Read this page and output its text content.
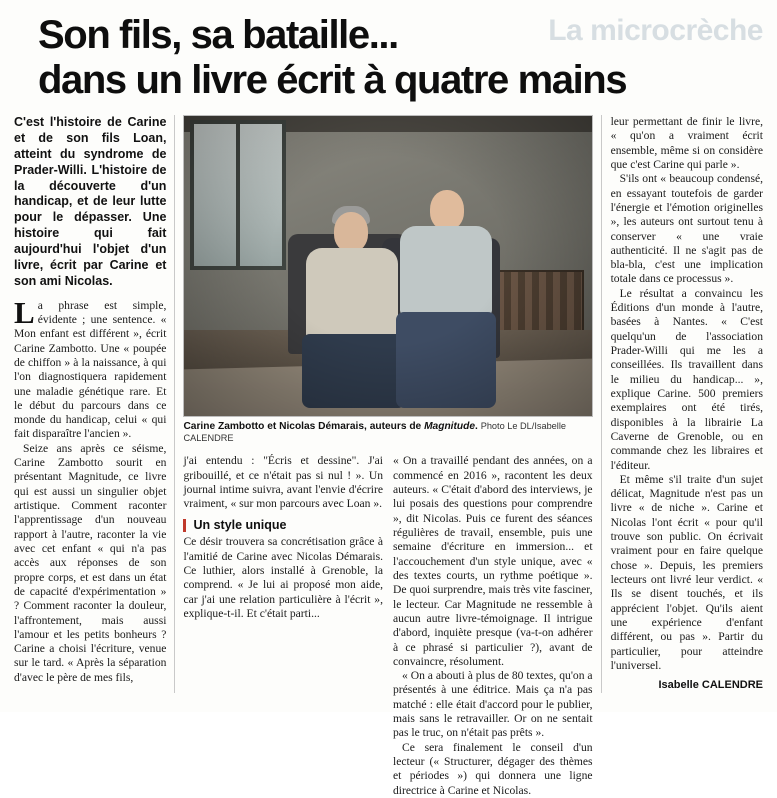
La microcrèche
Son fils, sa bataille...
dans un livre écrit à quatre mains
C'est l'histoire de Carine et de son fils Loan, atteint du syndrome de Prader-Willi. L'histoire de la découverte d'un handicap, et de leur lutte pour le dépasser. Une histoire qui fait aujourd'hui l'objet d'un livre, écrit par Carine et son ami Nicolas.

La phrase est simple, évidente ; une sentence. « Mon enfant est différent », écrit Carine Zambotto. Une « poupée de chiffon » à la naissance, à qui l'on diagnostiquera rapidement une maladie génétique rare. Et le début du parcours dans ce monde du handicap, celui « qui fait disparaître l'ancien ».

Seize ans après ce séisme, Carine Zambotto sourit en présentant Magnitude, ce livre qui est aussi un singulier objet artistique. Comment raconter l'apprentissage d'un nouveau rapport à l'autre, raconter la vie avec cet enfant « qui n'a pas accès aux réponses de son propre corps, et est dans un état de capacité d'expérimentation » ? Comment raconter la douleur, l'affrontement, mais aussi l'amour et les petits bonheurs ? Carine a choisi l'écriture, venue sur le tard. « Après la séparation d'avec le père de mes fils,

Carine Zambotto et Nicolas Démarais, auteurs de Magnitude. Photo Le DL/Isabelle CALENDRE

j'ai entendu : "Écris et dessine". J'ai gribouillé, et ce n'était pas si nul ! ». Un journal intime suivra, avant l'envie d'écrire vraiment, « sur mon parcours avec Loan ».

Un style unique

Ce désir trouvera sa concrétisation grâce à l'amitié de Carine avec Nicolas Démarais. Ce luthier, alors installé à Grenoble, la comprend. « Je lui ai proposé mon aide, car j'ai une relation particulière à l'écrit », explique-t-il. Et c'était parti...

« On a travaillé pendant des années, on a commencé en 2016 », racontent les deux auteurs. « C'était d'abord des interviews, je lui posais des questions pour comprendre », dit Nicolas. Puis ce furent des séances régulières de travail, ensemble, puis une semaine d'écriture en immersion... et l'accouchement d'un style unique, avec « des textes courts, un rythme poétique ». De quoi surprendre, mais très vite fasciner, le lecteur. Car Magnitude ne ressemble à aucun autre livre-témoignage. Il intrigue d'abord, inquiète presque (va-t-on adhérer à ce phrasé si particulier ?), avant de convaincre, résolument.

« On a abouti à plus de 80 textes, qu'on a présentés à une éditrice. Mais ça n'a pas matché : elle était d'accord pour le publier, mais sans le retravailler. Or on ne sentait pas le truc, on n'était pas prêts ».

Ce sera finalement le conseil d'un lecteur (« Structurer, dégager des thèmes et périodes ») qui donnera une ligne directrice à Carine et Nicolas.

leur permettant de finir le livre, « qu'on a vraiment écrit ensemble, même si on considère que c'est Carine qui parle ».

S'ils ont « beaucoup condensé, en essayant toutefois de garder l'énergie et l'émotion originelles », les auteurs ont surtout tenu à conserver « une vraie authenticité. Il ne s'agit pas de bla-bla, c'est une implication totale dans ce processus ».

Le résultat a convaincu les Éditions d'un monde à l'autre, basées à Nantes. « C'est quelqu'un de l'association Prader-Willi qui me les a conseillées. Ils travaillent dans le milieu du handicap... », explique Carine. 500 premiers exemplaires ont été tirés, disponibles à la librairie La Caverne de Grenoble, ou en commande chez les libraires et l'éditeur.

Et même s'il traite d'un sujet délicat, Magnitude n'est pas un livre « de niche ». Carine et Nicolas l'ont écrit « pour qu'il trouve son public. On écrivait vraiment pour en faire quelque chose ». Depuis, les premiers lecteurs ont livré leur verdict. « Ils se disent touchés, et ils apprécient l'objet. Qu'ils aient une expérience d'enfant différent, ou pas ». Partir du particulier, pour atteindre l'universel.

Isabelle CALENDRE
